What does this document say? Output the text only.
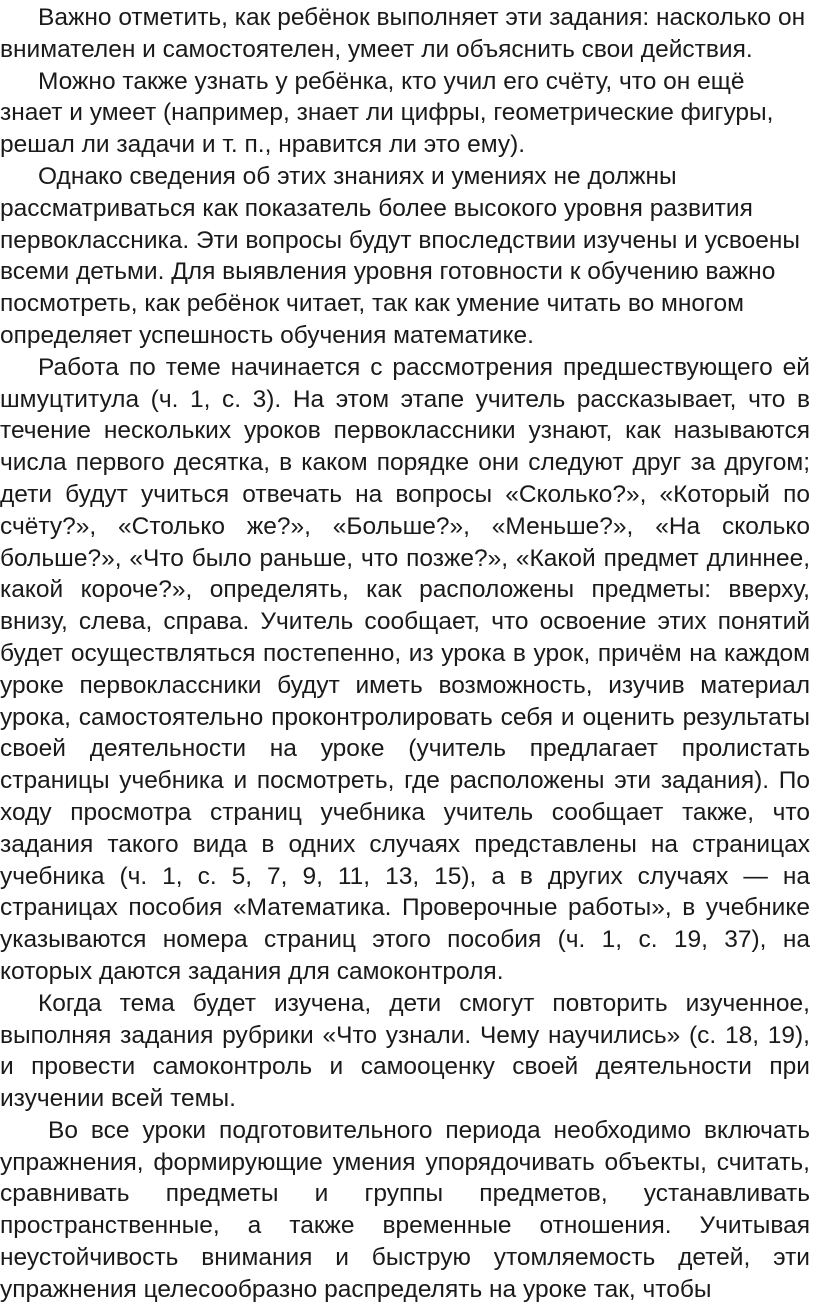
Важно отметить, как ребёнок выполняет эти задания: насколько он внимателен и самостоятелен, умеет ли объяснить свои действия.

Можно также узнать у ребёнка, кто учил его счёту, что он ещё знает и умеет (например, знает ли цифры, геометрические фигуры, решал ли задачи и т. п., нравится ли это ему).

Однако сведения об этих знаниях и умениях не должны рассматриваться как показатель более высокого уровня развития первоклассника. Эти вопросы будут впоследствии изучены и усвоены всеми детьми. Для выявления уровня готовности к обучению важно посмотреть, как ребёнок читает, так как умение читать во многом определяет успешность обучения математике.

Работа по теме начинается с рассмотрения предшествующего ей шмуцтитула (ч. 1, с. 3). На этом этапе учитель рассказывает, что в течение нескольких уроков первоклассники узнают, как называются числа первого десятка, в каком порядке они следуют друг за другом; дети будут учиться отвечать на вопросы «Сколько?», «Который по счёту?», «Столько же?», «Больше?», «Меньше?», «На сколько больше?», «Что было раньше, что позже?», «Какой предмет длиннее, какой короче?», определять, как расположены предметы: вверху, внизу, слева, справа. Учитель сообщает, что освоение этих понятий будет осуществляться постепенно, из урока в урок, причём на каждом уроке первоклассники будут иметь возможность, изучив материал урока, самостоятельно проконтролировать себя и оценить результаты своей деятельности на уроке (учитель предлагает пролистать страницы учебника и посмотреть, где расположены эти задания). По ходу просмотра страниц учебника учитель сообщает также, что задания такого вида в одних случаях представлены на страницах учебника (ч. 1, с. 5, 7, 9, 11, 13, 15), а в других случаях — на страницах пособия «Математика. Проверочные работы», в учебнике указываются номера страниц этого пособия (ч. 1, с. 19, 37), на которых даются задания для самоконтроля.

Когда тема будет изучена, дети смогут повторить изученное, выполняя задания рубрики «Что узнали. Чему научились» (с. 18, 19), и провести самоконтроль и самооценку своей деятельности при изучении всей темы.

Во все уроки подготовительного периода необходимо включать упражнения, формирующие умения упорядочивать объекты, считать, сравнивать предметы и группы предметов, устанавливать пространственные, а также временные отношения. Учитывая неустойчивость внимания и быструю утомляемость детей, эти упражнения целесообразно распределять на уроке так, чтобы
